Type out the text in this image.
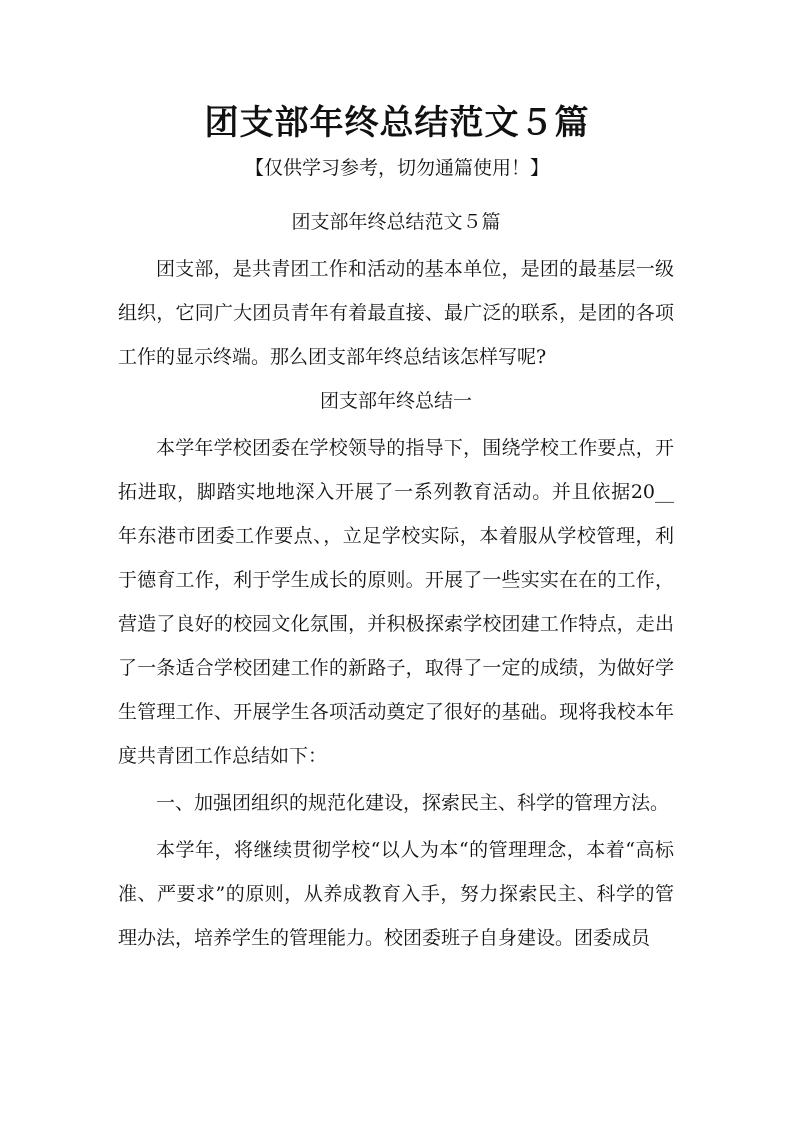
团支部年终总结范文５篇

【仅供学习参考，切勿通篇使用！】

团支部年终总结范文５篇

团支部，是共青团工作和活动的基本单位，是团的最基层一级组织，它同广大团员青年有着最直接、最广泛的联系，是团的各项工作的显示终端。那么团支部年终总结该怎样写呢?

团支部年终总结一

本学年学校团委在学校领导的指导下，围绕学校工作要点，开拓进取，脚踏实地地深入开展了一系列教育活动。并且依据20__年东港市团委工作要点、，立足学校实际，本着服从学校管理，利于德育工作，利于学生成长的原则。开展了一些实实在在的工作，营造了良好的校园文化氛围，并积极探索学校团建工作特点，走出了一条适合学校团建工作的新路子，取得了一定的成绩，为做好学生管理工作、开展学生各项活动奠定了很好的基础。现将我校本年度共青团工作总结如下：

一、加强团组织的规范化建设，探索民主、科学的管理方法。

本学年，将继续贯彻学校“以人为本“的管理理念，本着“高标准、严要求”的原则，从养成教育入手，努力探索民主、科学的管理办法，培养学生的管理能力。校团委班子自身建设。团委成员
